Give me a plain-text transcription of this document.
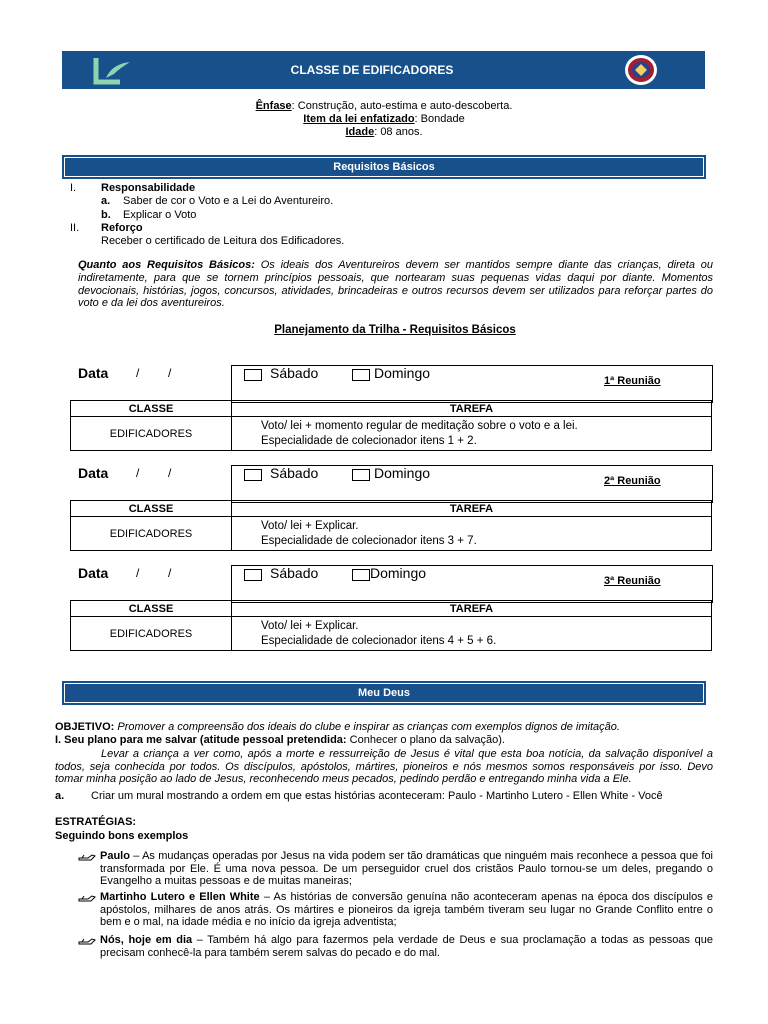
CLASSE DE EDIFICADORES
Ênfase: Construção, auto-estima e auto-descoberta.
Item da lei enfatizado: Bondade
Idade: 08 anos.
Requisitos Básicos
I. Responsabilidade
a. Saber de cor o Voto e a Lei do Aventureiro.
b. Explicar o Voto
II. Reforço
Receber o certificado de Leitura dos Edificadores.
Quanto aos Requisitos Básicos: Os ideais dos Aventureiros devem ser mantidos sempre diante das crianças, direta ou indiretamente, para que se tornem princípios pessoais, que nortearam suas pequenas vidas daqui por diante. Momentos devocionais, histórias, jogos, concursos, atividades, brincadeiras e outros recursos devem ser utilizados para reforçar partes do voto e da lei dos aventureiros.
Planejamento da Trilha - Requisitos Básicos
Data / /	Sábado	Domingo	1ª Reunião
CLASSE	TAREFA
EDIFICADORES	Voto/ lei + momento regular de meditação sobre o voto e a lei.
Especialidade de colecionador itens 1 + 2.
Data / /	Sábado	Domingo	2ª Reunião
CLASSE	TAREFA
EDIFICADORES	Voto/ lei + Explicar.
Especialidade de colecionador itens 3 + 7.
Data / /	Sábado	Domingo	3ª Reunião
CLASSE	TAREFA
EDIFICADORES	Voto/ lei + Explicar.
Especialidade de colecionador itens 4 + 5 + 6.
Meu Deus
OBJETIVO: Promover a compreensão dos ideais do clube e inspirar as crianças com exemplos dignos de imitação.
I. Seu plano para me salvar (atitude pessoal pretendida: Conhecer o plano da salvação).
Levar a criança a ver como, após a morte e ressurreição de Jesus é vital que esta boa notícia, da salvação disponível a todos, seja conhecida por todos. Os discípulos, apóstolos, mártires, pioneiros e nós mesmos somos responsáveis por isso. Devo tomar minha posição ao lado de Jesus, reconhecendo meus pecados, pedindo perdão e entregando minha vida a Ele.
a. Criar um mural mostrando a ordem em que estas histórias aconteceram: Paulo - Martinho Lutero - Ellen White - Você
ESTRATÉGIAS:
Seguindo bons exemplos
Paulo – As mudanças operadas por Jesus na vida podem ser tão dramáticas que ninguém mais reconhece a pessoa que foi transformada por Ele. É uma nova pessoa. De um perseguidor cruel dos cristãos Paulo tornou-se um deles, pregando o Evangelho a muitas pessoas e de muitas maneiras;
Martinho Lutero e Ellen White – As histórias de conversão genuína não aconteceram apenas na época dos discípulos e apóstolos, milhares de anos atrás. Os mártires e pioneiros da igreja também tiveram seu lugar no Grande Conflito entre o bem e o mal, na idade média e no início da igreja adventista;
Nós, hoje em dia – Também há algo para fazermos pela verdade de Deus e sua proclamação a todas as pessoas que precisam conhecê-la para também serem salvas do pecado e do mal.
